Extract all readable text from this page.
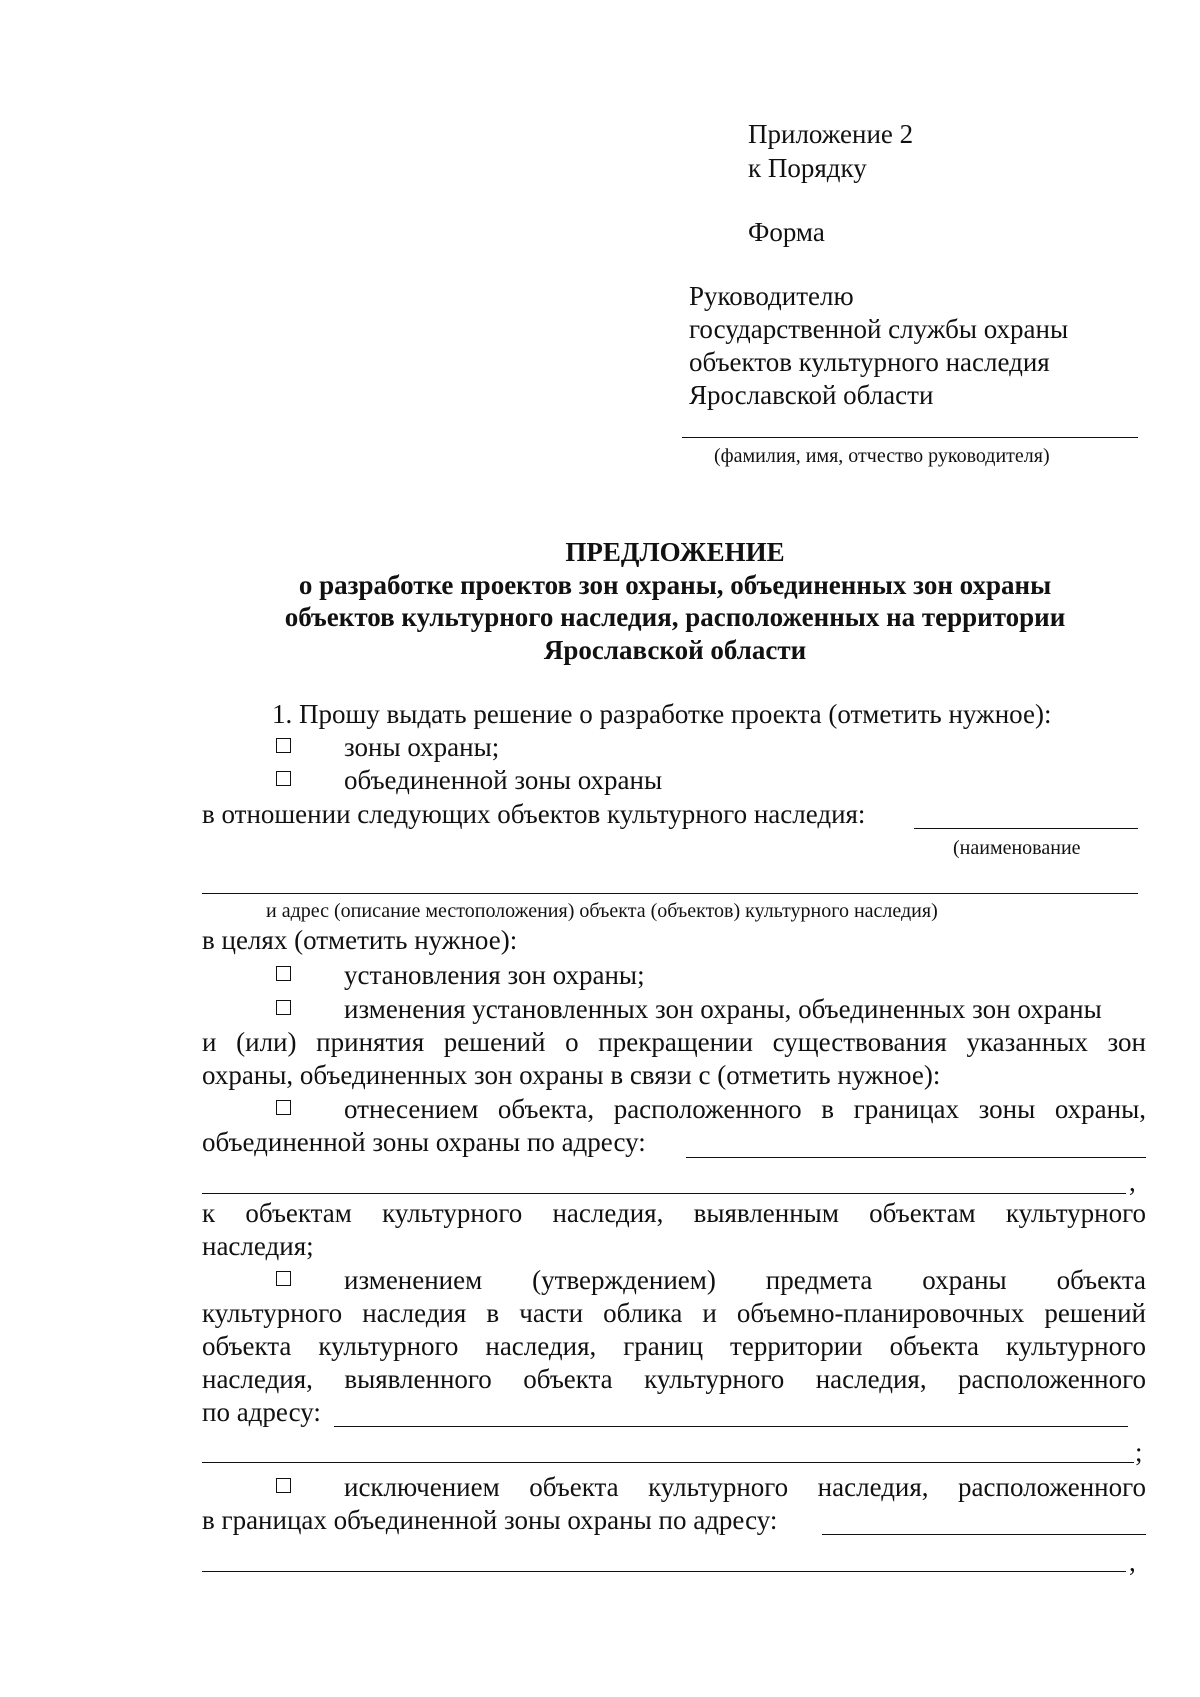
Приложение 2
к Порядку
Форма
Руководителю
государственной службы охраны
объектов культурного наследия
Ярославской области
(фамилия, имя, отчество руководителя)
ПРЕДЛОЖЕНИЕ
о разработке проектов зон охраны, объединенных зон охраны
объектов культурного наследия, расположенных на территории
Ярославской области
1. Прошу выдать решение о разработке проекта (отметить нужное):
зоны охраны;
объединенной зоны охраны
в отношении следующих объектов культурного наследия:
(наименование
и адрес (описание местоположения) объекта (объектов) культурного наследия)
в целях (отметить нужное):
установления зон охраны;
изменения установленных зон охраны, объединенных зон охраны
и (или) принятия решений о прекращении существования указанных зон
охраны, объединенных зон охраны в связи с (отметить нужное):
отнесением объекта, расположенного в границах зоны охраны,
объединенной зоны охраны по адресу:
,
к объектам культурного наследия, выявленным объектам культурного
наследия;
изменением (утверждением) предмета охраны объекта
культурного наследия в части облика и объемно-планировочных решений
объекта культурного наследия, границ территории объекта культурного
наследия, выявленного объекта культурного наследия, расположенного
по адресу:
;
исключением объекта культурного наследия, расположенного
в границах объединенной зоны охраны по адресу:
,
